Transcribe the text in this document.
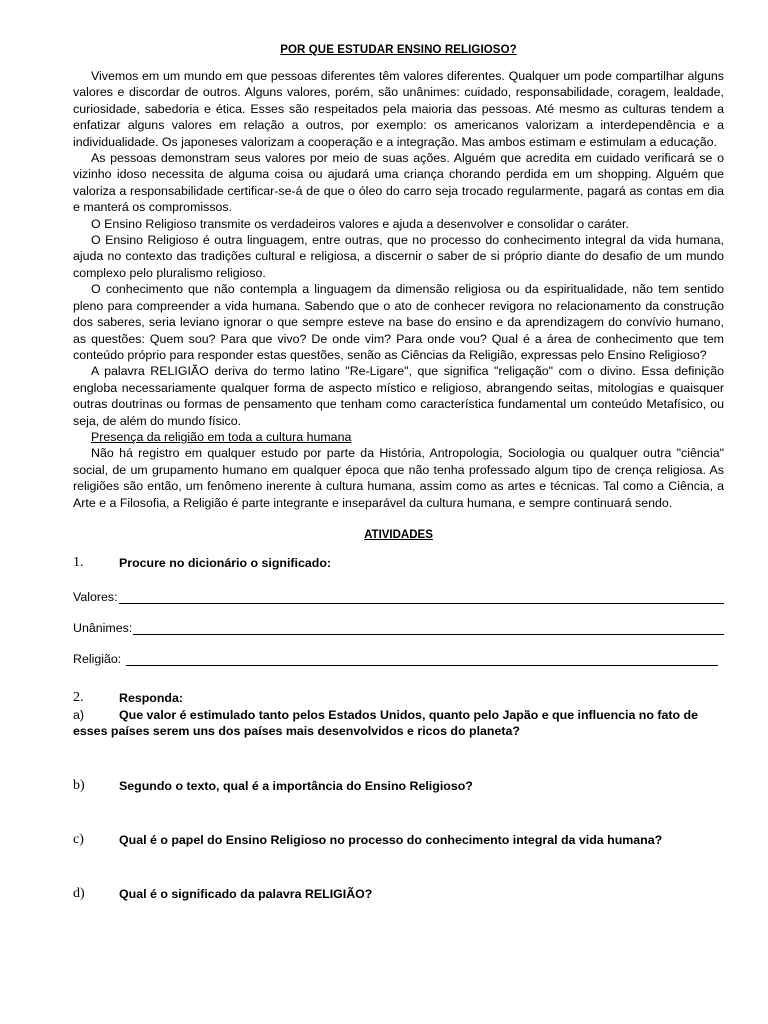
POR QUE ESTUDAR ENSINO RELIGIOSO?

Vivemos em um mundo em que pessoas diferentes têm valores diferentes. Qualquer um pode compartilhar alguns valores e discordar de outros. Alguns valores, porém, são unânimes: cuidado, responsabilidade, coragem, lealdade, curiosidade, sabedoria e ética. Esses são respeitados pela maioria das pessoas. Até mesmo as culturas tendem a enfatizar alguns valores em relação a outros, por exemplo: os americanos valorizam a interdependência e a individualidade. Os japoneses valorizam a cooperação e a integração. Mas ambos estimam e estimulam a educação.

As pessoas demonstram seus valores por meio de suas ações. Alguém que acredita em cuidado verificará se o vizinho idoso necessita de alguma coisa ou ajudará uma criança chorando perdida em um shopping. Alguém que valoriza a responsabilidade certificar-se-á de que o óleo do carro seja trocado regularmente, pagará as contas em dia e manterá os compromissos.

O Ensino Religioso transmite os verdadeiros valores e ajuda a desenvolver e consolidar o caráter.

O Ensino Religioso é outra linguagem, entre outras, que no processo do conhecimento integral da vida humana, ajuda no contexto das tradições cultural e religiosa, a discernir o saber de si próprio diante do desafio de um mundo complexo pelo pluralismo religioso.

O conhecimento que não contempla a linguagem da dimensão religiosa ou da espiritualidade, não tem sentido pleno para compreender a vida humana. Sabendo que o ato de conhecer revigora no relacionamento da construção dos saberes, seria leviano ignorar o que sempre esteve na base do ensino e da aprendizagem do convívio humano, as questões: Quem sou? Para que vivo? De onde vim? Para onde vou? Qual é a área de conhecimento que tem conteúdo próprio para responder estas questões, senão as Ciências da Religião, expressas pelo Ensino Religioso?

A palavra RELIGIÃO deriva do termo latino "Re-Ligare", que significa "religação" com o divino. Essa definição engloba necessariamente qualquer forma de aspecto místico e religioso, abrangendo seitas, mitologias e quaisquer outras doutrinas ou formas de pensamento que tenham como característica fundamental um conteúdo Metafísico, ou seja, de além do mundo físico.

Presença da religião em toda a cultura humana

Não há registro em qualquer estudo por parte da História, Antropologia, Sociologia ou qualquer outra "ciência" social, de um grupamento humano em qualquer época que não tenha professado algum tipo de crença religiosa. As religiões são então, um fenômeno inerente à cultura humana, assim como as artes e técnicas. Tal como a Ciência, a Arte e a Filosofia, a Religião é parte integrante e inseparável da cultura humana, e sempre continuará sendo.

ATIVIDADES
1.	Procure no dicionário o significado:
Valores:
Unânimes:
Religião:
2.	Responda:
a)	Que valor é estimulado tanto pelos Estados Unidos, quanto pelo Japão e que influencia no fato de esses países serem uns dos países mais desenvolvidos e ricos do planeta?
b)	Segundo o texto, qual é a importância do Ensino Religioso?
c)	Qual é o papel do Ensino Religioso no processo do conhecimento integral da vida humana?
d)	Qual é o significado da palavra RELIGIÃO?
